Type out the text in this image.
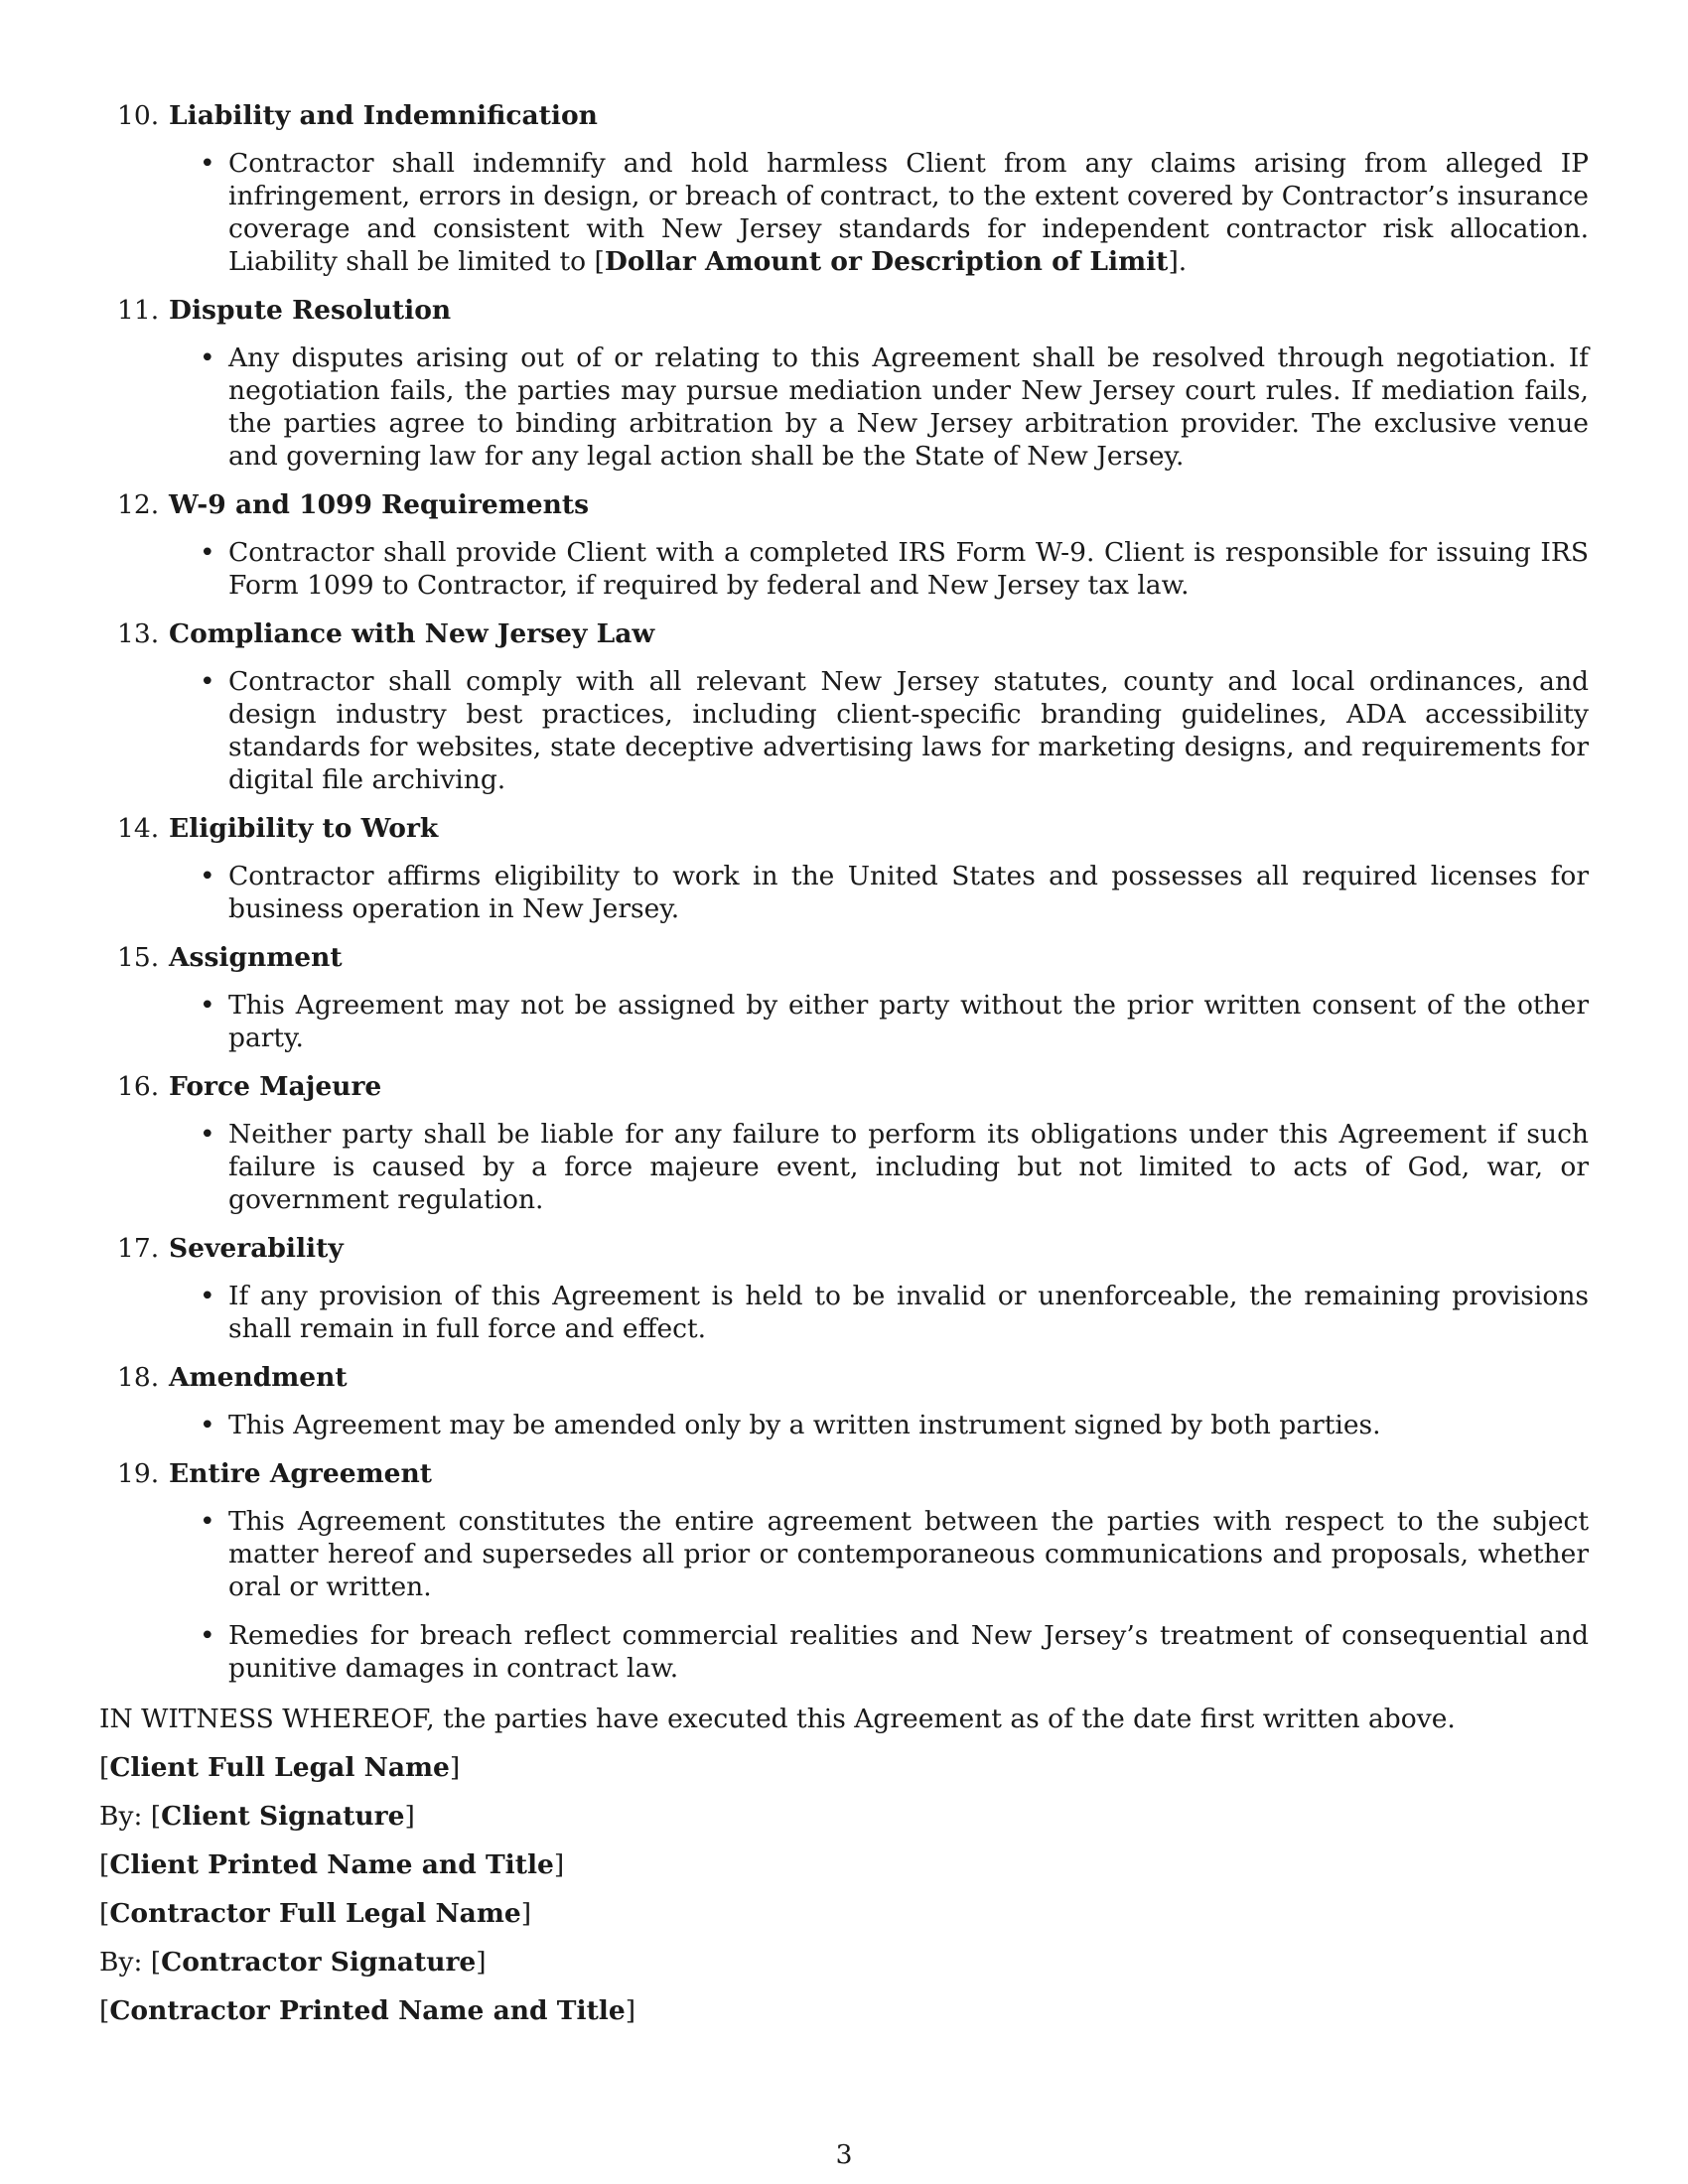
10. Liability and Indemnification
• Contractor shall indemnify and hold harmless Client from any claims arising from alleged IP infringement, errors in design, or breach of contract, to the extent covered by Contractor’s insurance coverage and consistent with New Jersey standards for independent contractor risk allocation. Liability shall be limited to [Dollar Amount or Description of Limit].
11. Dispute Resolution
• Any disputes arising out of or relating to this Agreement shall be resolved through negotiation. If negotiation fails, the parties may pursue mediation under New Jersey court rules. If mediation fails, the parties agree to binding arbitration by a New Jersey arbitration provider. The exclusive venue and governing law for any legal action shall be the State of New Jersey.
12. W-9 and 1099 Requirements
• Contractor shall provide Client with a completed IRS Form W-9. Client is responsible for issuing IRS Form 1099 to Contractor, if required by federal and New Jersey tax law.
13. Compliance with New Jersey Law
• Contractor shall comply with all relevant New Jersey statutes, county and local ordinances, and design industry best practices, including client-specific branding guidelines, ADA accessibility standards for websites, state deceptive advertising laws for marketing designs, and requirements for digital file archiving.
14. Eligibility to Work
• Contractor affirms eligibility to work in the United States and possesses all required licenses for business operation in New Jersey.
15. Assignment
• This Agreement may not be assigned by either party without the prior written consent of the other party.
16. Force Majeure
• Neither party shall be liable for any failure to perform its obligations under this Agreement if such failure is caused by a force majeure event, including but not limited to acts of God, war, or government regulation.
17. Severability
• If any provision of this Agreement is held to be invalid or unenforceable, the remaining provisions shall remain in full force and effect.
18. Amendment
• This Agreement may be amended only by a written instrument signed by both parties.
19. Entire Agreement
• This Agreement constitutes the entire agreement between the parties with respect to the subject matter hereof and supersedes all prior or contemporaneous communications and proposals, whether oral or written.
• Remedies for breach reflect commercial realities and New Jersey’s treatment of consequential and punitive damages in contract law.
IN WITNESS WHEREOF, the parties have executed this Agreement as of the date first written above.
[Client Full Legal Name]
By: [Client Signature]
[Client Printed Name and Title]
[Contractor Full Legal Name]
By: [Contractor Signature]
[Contractor Printed Name and Title]
3
